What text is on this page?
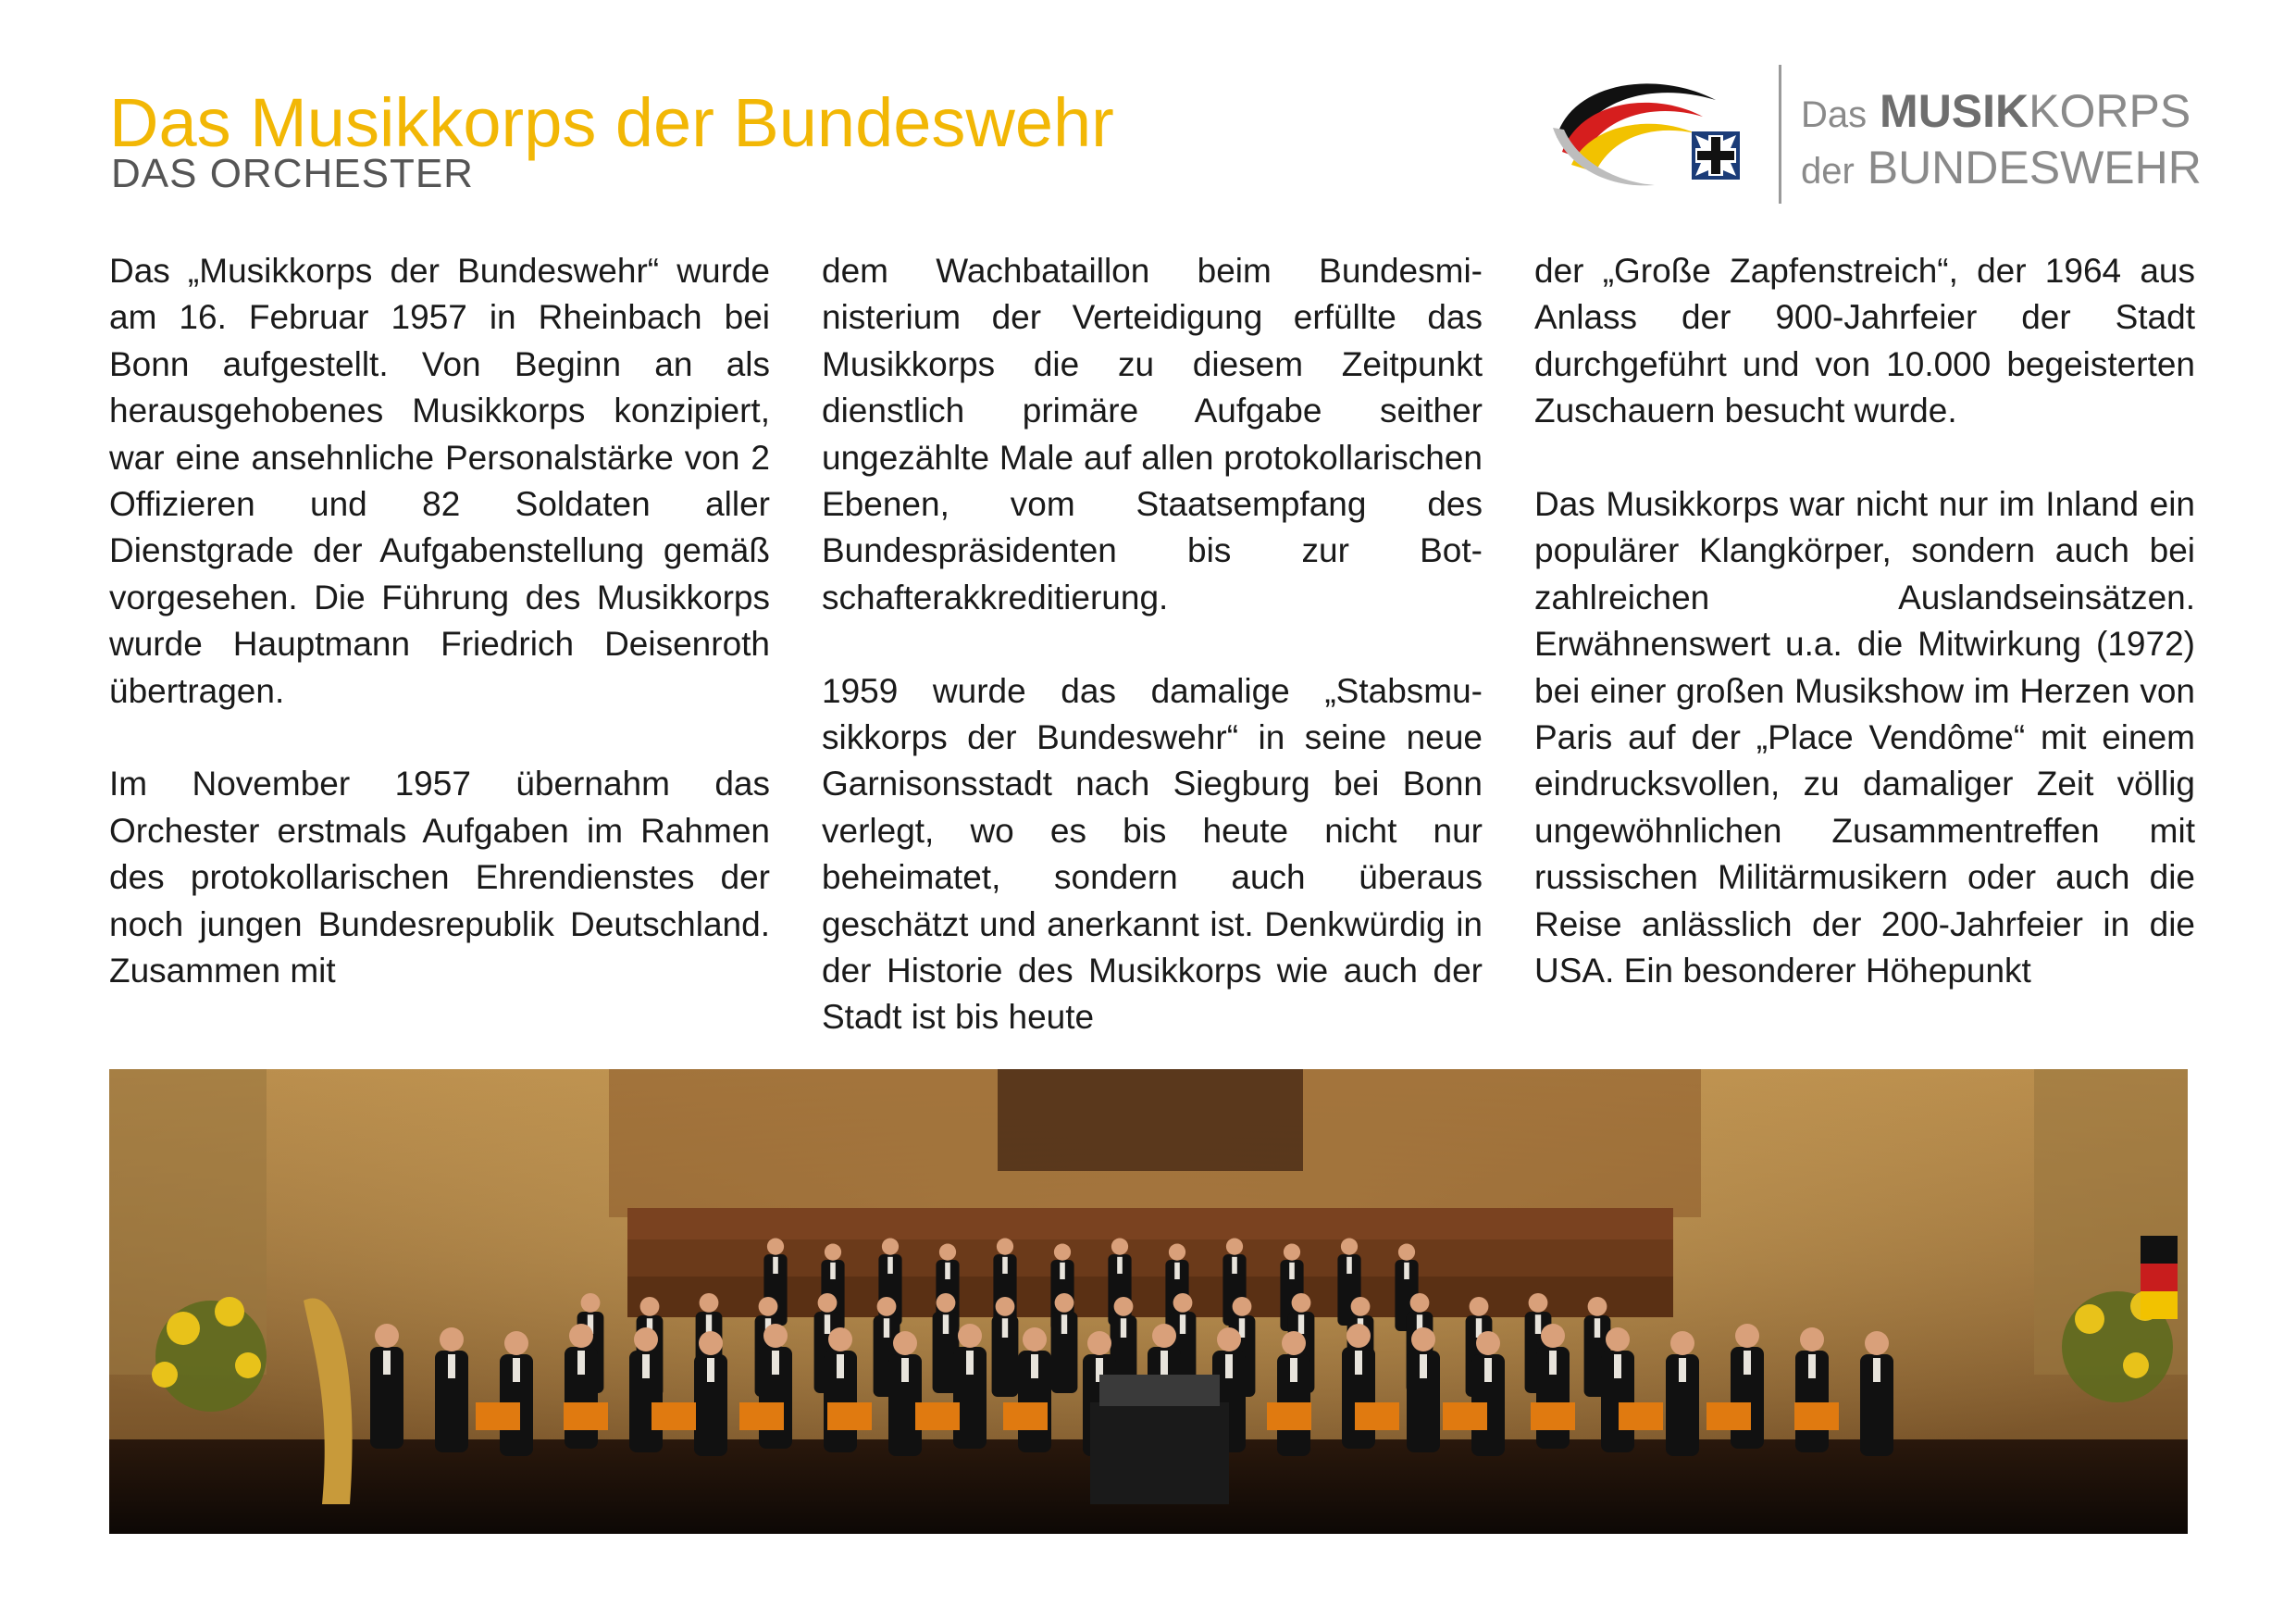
Das Musikkorps der Bundeswehr
DAS ORCHESTER
Das MUSIKKORPS
der BUNDESWEHR

Das „Musikkorps der Bundeswehr“ wurde am 16. Februar 1957 in Rheinbach bei Bonn aufgestellt. Von Beginn an als herausgehobenes Musikkorps konzipiert, war eine ansehnliche Personalstärke von 2 Offizieren und 82 Soldaten aller Dienstgrade der Aufgabenstellung gemäß vorgesehen. Die Führung des Musikkorps wurde Hauptmann Friedrich Deisenroth übertragen.

Im November 1957 übernahm das Orchester erstmals Aufgaben im Rahmen des protokollarischen Ehrendienstes der noch jungen Bundesrepublik Deutschland. Zusammen mit

dem Wachbataillon beim Bundesministerium der Verteidigung erfüllte das Musikkorps die zu diesem Zeitpunkt dienstlich primäre Aufgabe seither ungezählte Male auf allen protokollarischen Ebenen, vom Staatsempfang des Bundespräsidenten bis zur Botschafterakkreditierung.

1959 wurde das damalige „Stabsmusikkorps der Bundeswehr“ in seine neue Garnisonsstadt nach Siegburg bei Bonn verlegt, wo es bis heute nicht nur beheimatet, sondern auch überaus geschätzt und anerkannt ist. Denkwürdig in der Historie des Musikkorps wie auch der Stadt ist bis heute

der „Große Zapfenstreich“, der 1964 aus Anlass der 900-Jahrfeier der Stadt durchgeführt und von 10.000 begeisterten Zuschauern besucht wurde.

Das Musikkorps war nicht nur im Inland ein populärer Klangkörper, sondern auch bei zahlreichen Auslandseinsätzen. Erwähnenswert u.a. die Mitwirkung (1972) bei einer großen Musikshow im Herzen von Paris auf der „Place Vendôme“ mit einem eindrucksvollen, zu damaliger Zeit völlig ungewöhnlichen Zusammentreffen mit russischen Militärmusikern oder auch die Reise anlässlich der 200-Jahrfeier in die USA. Ein besonderer Höhepunkt
